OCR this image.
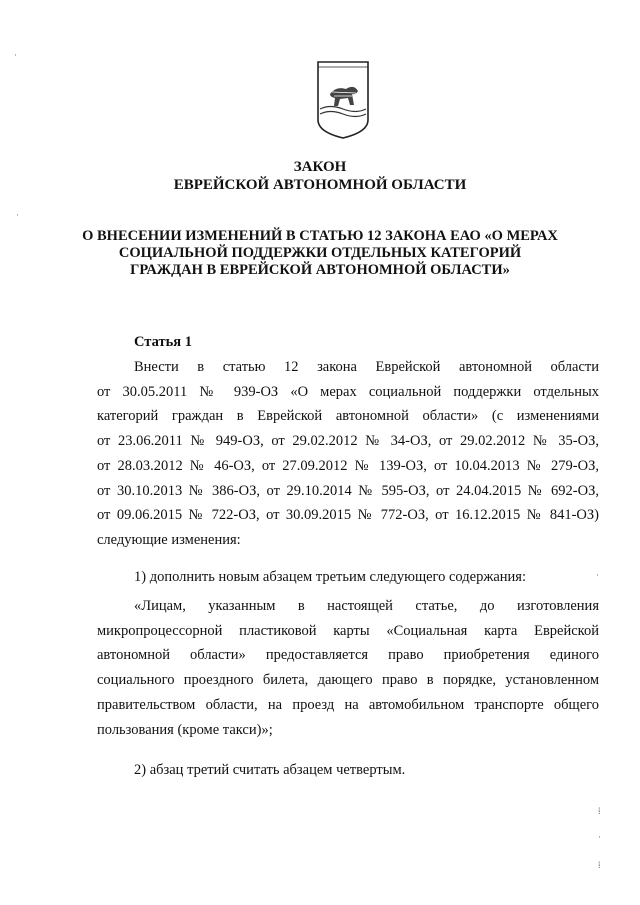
ЗАКОН
ЕВРЕЙСКОЙ АВТОНОМНОЙ ОБЛАСТИ
О ВНЕСЕНИИ ИЗМЕНЕНИЙ В СТАТЬЮ 12 ЗАКОНА ЕАО «О МЕРАХ
СОЦИАЛЬНОЙ ПОДДЕРЖКИ ОТДЕЛЬНЫХ КАТЕГОРИЙ
ГРАЖДАН В ЕВРЕЙСКОЙ АВТОНОМНОЙ ОБЛАСТИ»
Статья 1
Внести в статью 12 закона Еврейской автономной области
от 30.05.2011 № 939-ОЗ «О мерах социальной поддержки отдельных
категорий граждан в Еврейской автономной области» (с изменениями
от 23.06.2011 № 949-ОЗ, от 29.02.2012 № 34-ОЗ, от 29.02.2012 № 35-ОЗ,
от 28.03.2012 № 46-ОЗ, от 27.09.2012 № 139-ОЗ, от 10.04.2013 № 279-ОЗ,
от 30.10.2013 № 386-ОЗ, от 29.10.2014 № 595-ОЗ, от 24.04.2015 № 692-ОЗ,
от 09.06.2015 № 722-ОЗ, от 30.09.2015 № 772-ОЗ, от 16.12.2015 № 841-ОЗ)
следующие изменения:
1) дополнить новым абзацем третьим следующего содержания:
«Лицам, указанным в настоящей статье, до изготовления
микропроцессорной пластиковой карты «Социальная карта Еврейской
автономной области» предоставляется право приобретения единого
социального проездного билета, дающего право в порядке, установленном
правительством области, на проезд на автомобильном транспорте общего
пользования (кроме такси)»;
2) абзац третий считать абзацем четвертым.
·
·
·
⁞
·
⁞
